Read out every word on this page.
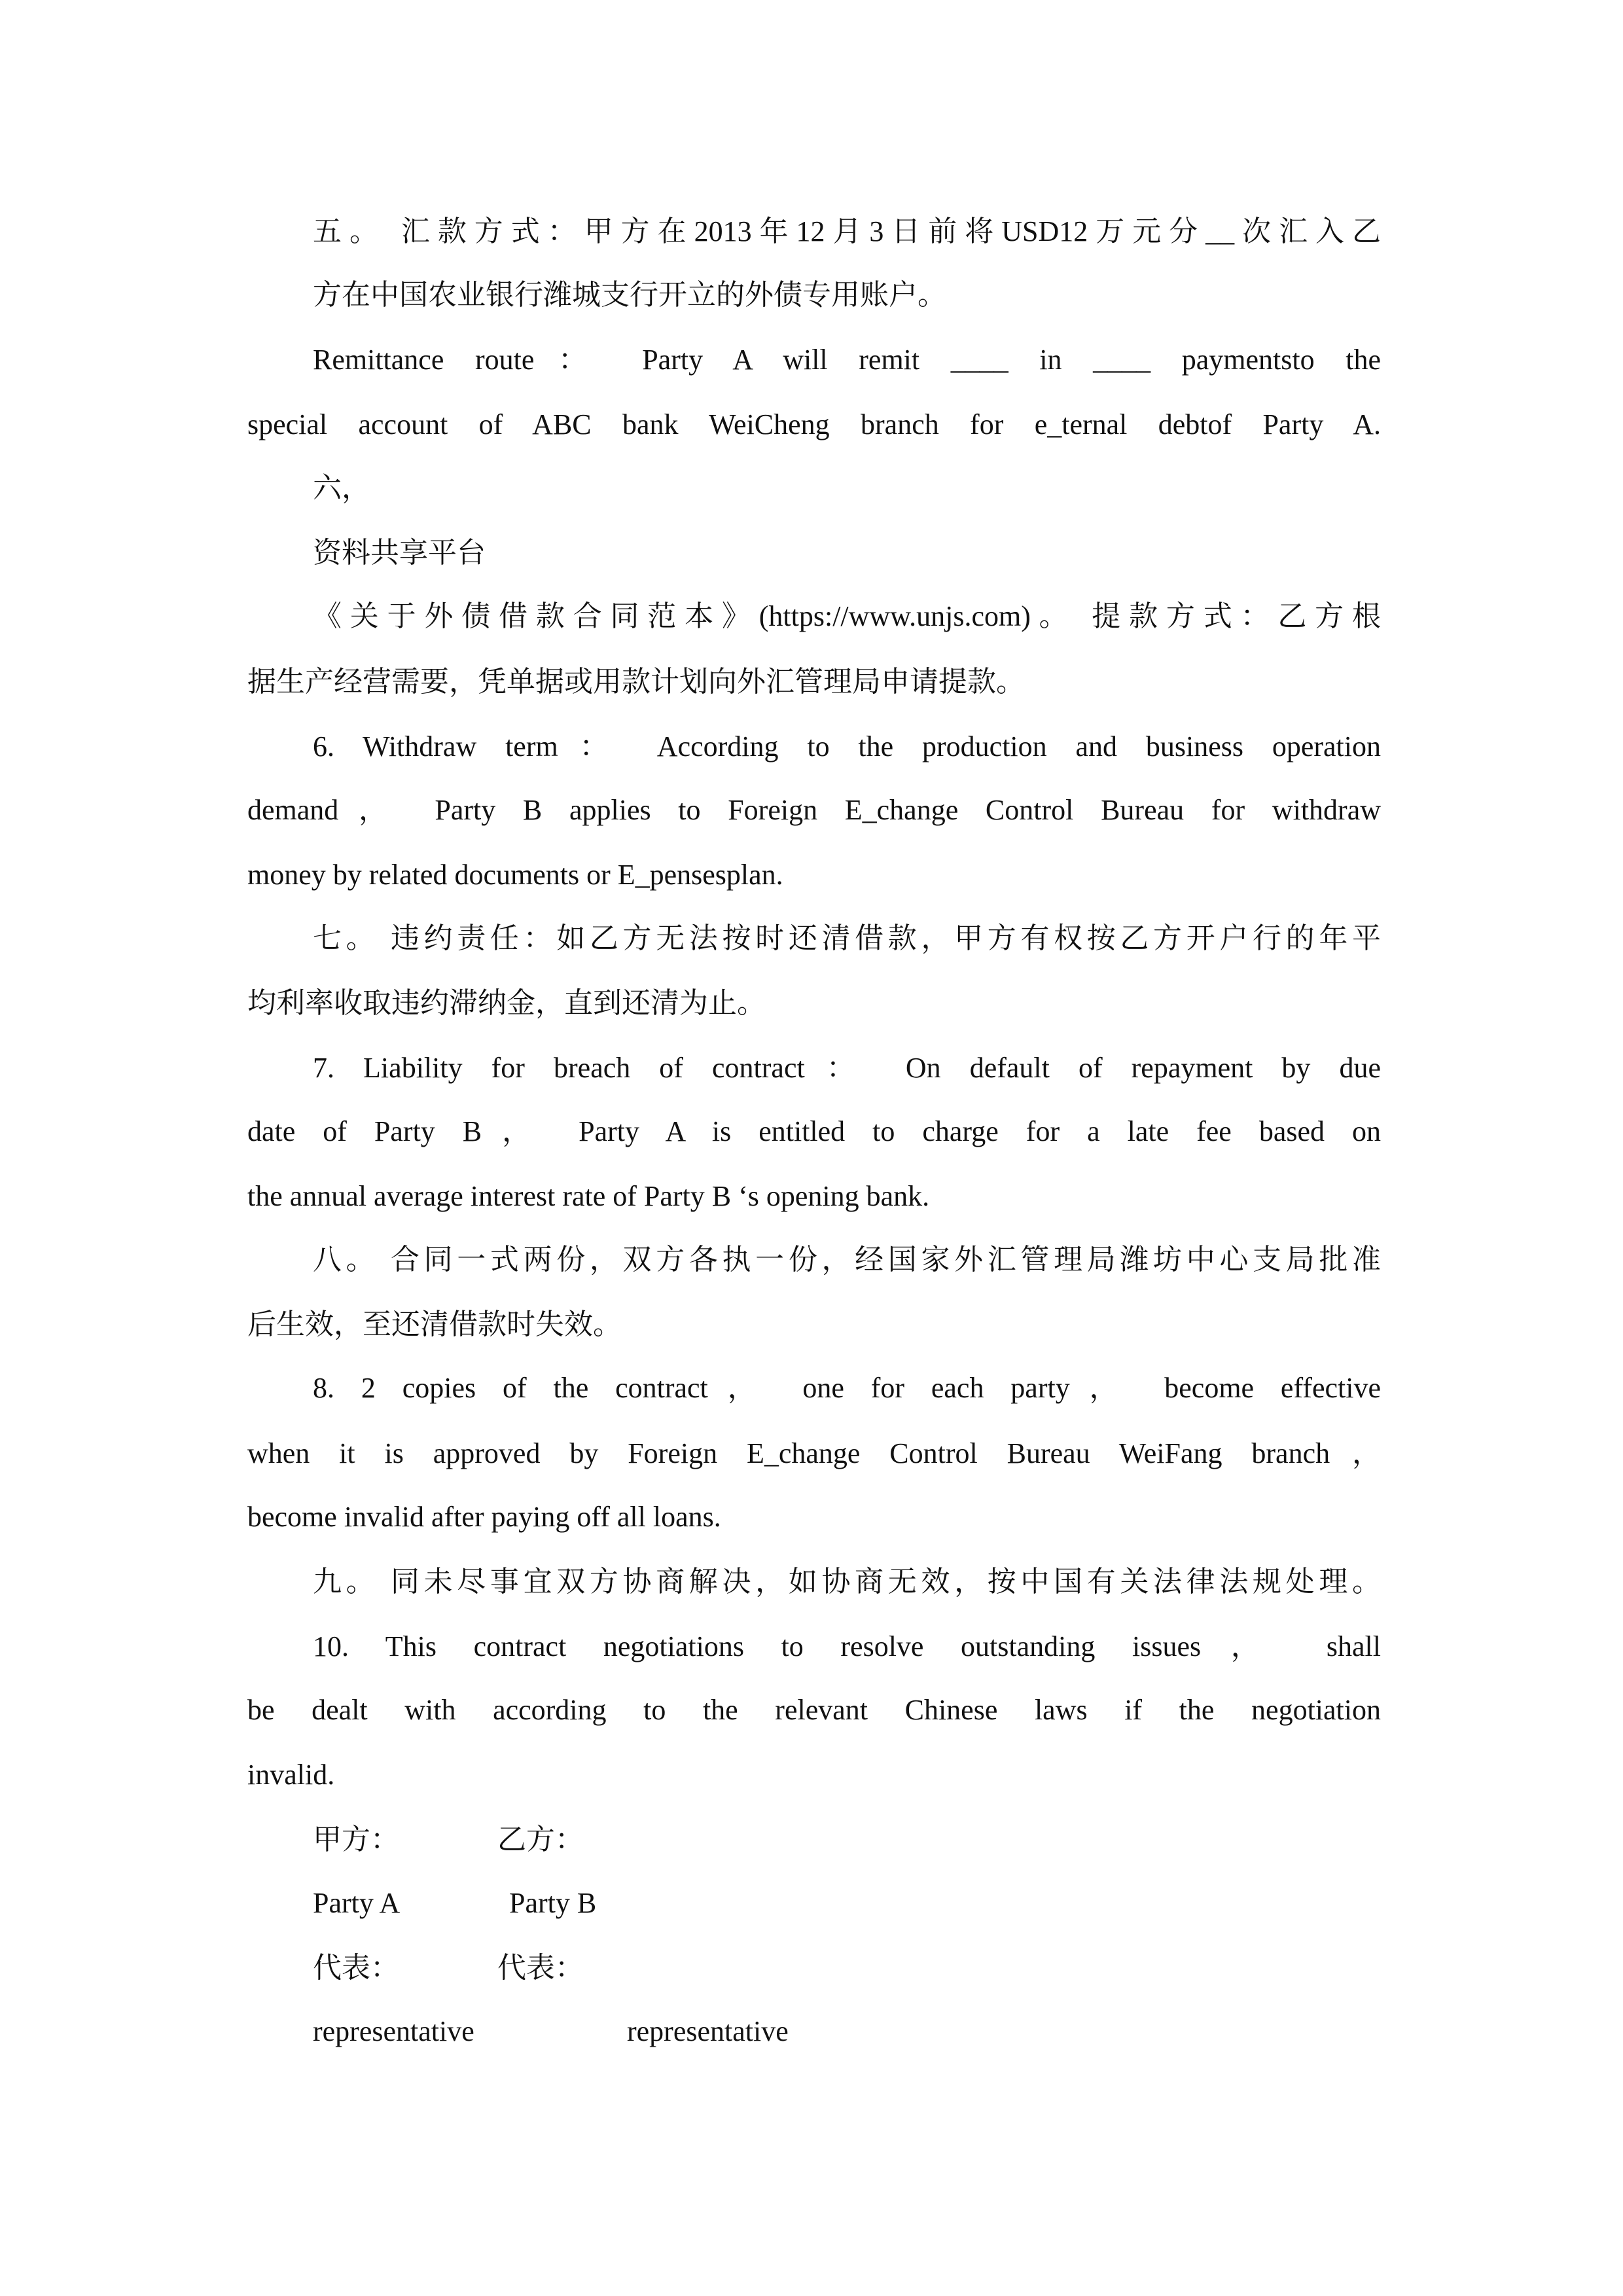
五。 汇款方式：甲方在2013年12月3日前将USD12万元分__次汇入乙
方在中国农业银行潍城支行开立的外债专用账户。
Remittance route： Party A will remit ____ in ____ paymentsto the
special account of ABC bank WeiCheng branch for e_ternal debtof Party A.
六，
资料共享平台
《关于外债借款合同范本》(https://www.unjs.com)。 提款方式：乙方根
据生产经营需要，凭单据或用款计划向外汇管理局申请提款。
6. Withdraw term： According to the production and business operation
demand， Party B applies to Foreign E_change Control Bureau for withdraw
money by related documents or E_pensesplan.
七。 违约责任：如乙方无法按时还清借款，甲方有权按乙方开户行的年平
均利率收取违约滞纳金，直到还清为止。
7. Liability for breach of contract： On default of repayment by due
date of Party B， Party A is entitled to charge for a late fee based on
the annual average interest rate of Party B ‘s opening bank.
八。 合同一式两份，双方各执一份，经国家外汇管理局潍坊中心支局批准
后生效，至还清借款时失效。
8. 2 copies of the contract， one for each party， become effective
when it is approved by Foreign E_change Control Bureau WeiFang branch，
become invalid after paying off all loans.
九。 同未尽事宜双方协商解决，如协商无效，按中国有关法律法规处理。
10. This contract negotiations to resolve outstanding issues， shall
be dealt with according to the relevant Chinese laws if the negotiation
invalid.
甲方：	乙方：
Party A	Party B
代表：	代表：
representative	representative
